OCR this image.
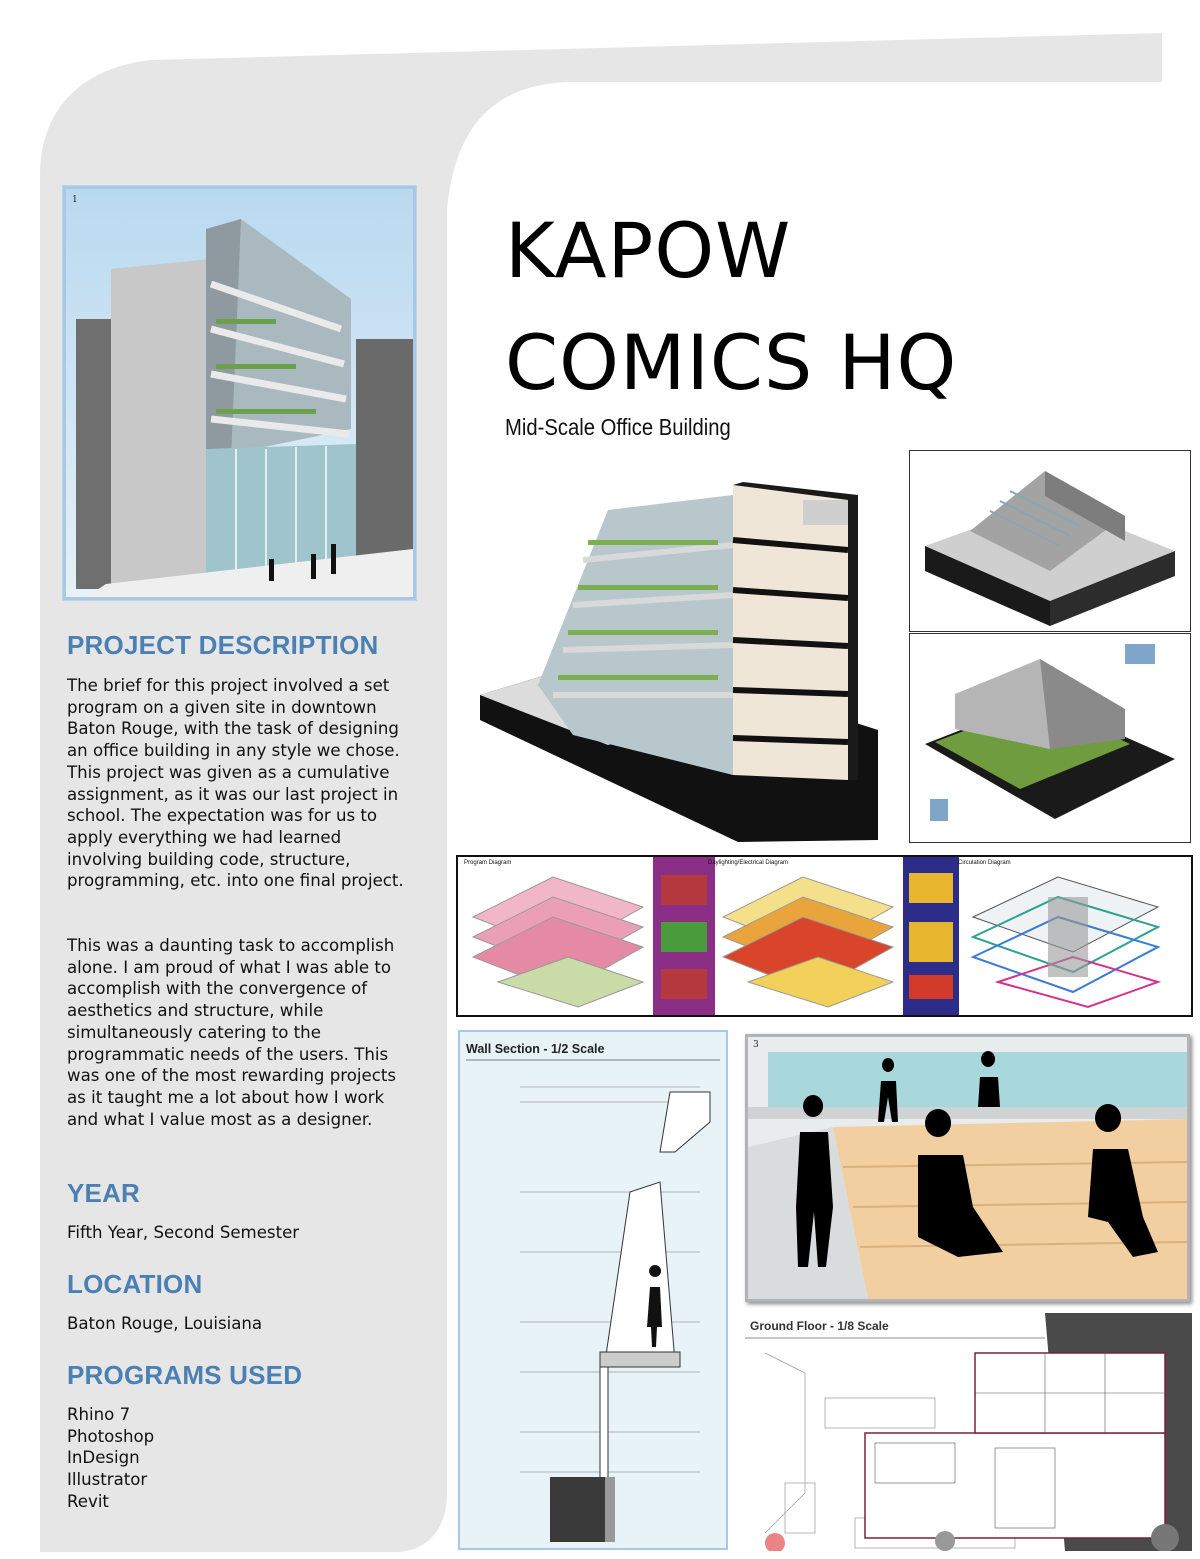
1
KAPOW
COMICS HQ
Mid-Scale Office Building
PROJECT DESCRIPTION

The brief for this project involved a set program on a given site in downtown Baton Rouge, with the task of designing an office building in any style we chose. This project was given as a cumulative assignment, as it was our last project in school. The expectation was for us to apply everything we had learned involving building code, structure, programming, etc. into one final project.

This was a daunting task to accomplish alone. I am proud of what I was able to accomplish with the convergence of aesthetics and structure, while simultaneously catering to the programmatic needs of the users. This was one of the most rewarding projects as it taught me a lot about how I work and what I value most as a designer.

YEAR

Fifth Year, Second Semester

LOCATION

Baton Rouge, Louisiana

PROGRAMS USED
Rhino 7
Photoshop
InDesign
Illustrator
Revit
Program Diagram	Daylighting/Electrical Diagram	Circulation Diagram
Wall Section - 1/2 Scale	3
Ground Floor - 1/8 Scale
